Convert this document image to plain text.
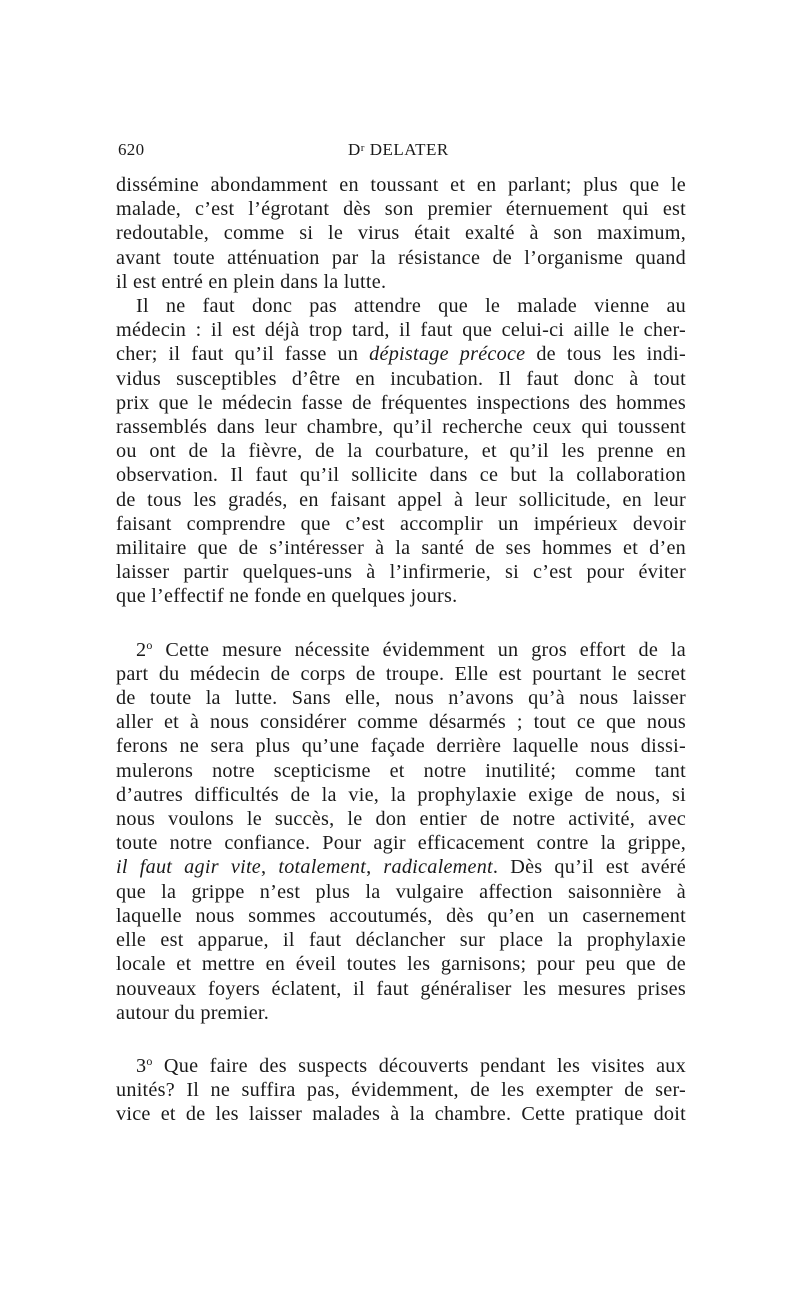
620	$D^r$ DELATER

dissémine abondamment en toussant et en parlant; plus que le
malade, c’est l’égrotant dès son premier éternuement qui est
redoutable, comme si le virus était exalté à son maximum,
avant toute atténuation par la résistance de l’organisme quand
il est entré en plein dans la lutte.

Il ne faut donc pas attendre que le malade vienne au
médecin : il est déjà trop tard, il faut que celui-ci aille le cher-
cher; il faut qu’il fasse un dépistage précoce de tous les indi-
vidus susceptibles d’être en incubation. Il faut donc à tout
prix que le médecin fasse de fréquentes inspections des hommes
rassemblés dans leur chambre, qu’il recherche ceux qui toussent
ou ont de la fièvre, de la courbature, et qu’il les prenne en
observation. Il faut qu’il sollicite dans ce but la collaboration
de tous les gradés, en faisant appel à leur sollicitude, en leur
faisant comprendre que c’est accomplir un impérieux devoir
militaire que de s’intéresser à la santé de ses hommes et d’en
laisser partir quelques-uns à l’infirmerie, si c’est pour éviter
que l’effectif ne fonde en quelques jours.

2$^o$ Cette mesure nécessite évidemment un gros effort de la
part du médecin de corps de troupe. Elle est pourtant le secret
de toute la lutte. Sans elle, nous n’avons qu’à nous laisser
aller et à nous considérer comme désarmés ; tout ce que nous
ferons ne sera plus qu’une façade derrière laquelle nous dissi-
mulerons notre scepticisme et notre inutilité; comme tant
d’autres difficultés de la vie, la prophylaxie exige de nous, si
nous voulons le succès, le don entier de notre activité, avec
toute notre confiance. Pour agir efficacement contre la grippe,
il faut agir vite, totalement, radicalement. Dès qu’il est avéré
que la grippe n’est plus la vulgaire affection saisonnière à
laquelle nous sommes accoutumés, dès qu’en un casernement
elle est apparue, il faut déclancher sur place la prophylaxie
locale et mettre en éveil toutes les garnisons; pour peu que de
nouveaux foyers éclatent, il faut généraliser les mesures prises
autour du premier.

3$^o$ Que faire des suspects découverts pendant les visites aux
unités? Il ne suffira pas, évidemment, de les exempter de ser-
vice et de les laisser malades à la chambre. Cette pratique doit
